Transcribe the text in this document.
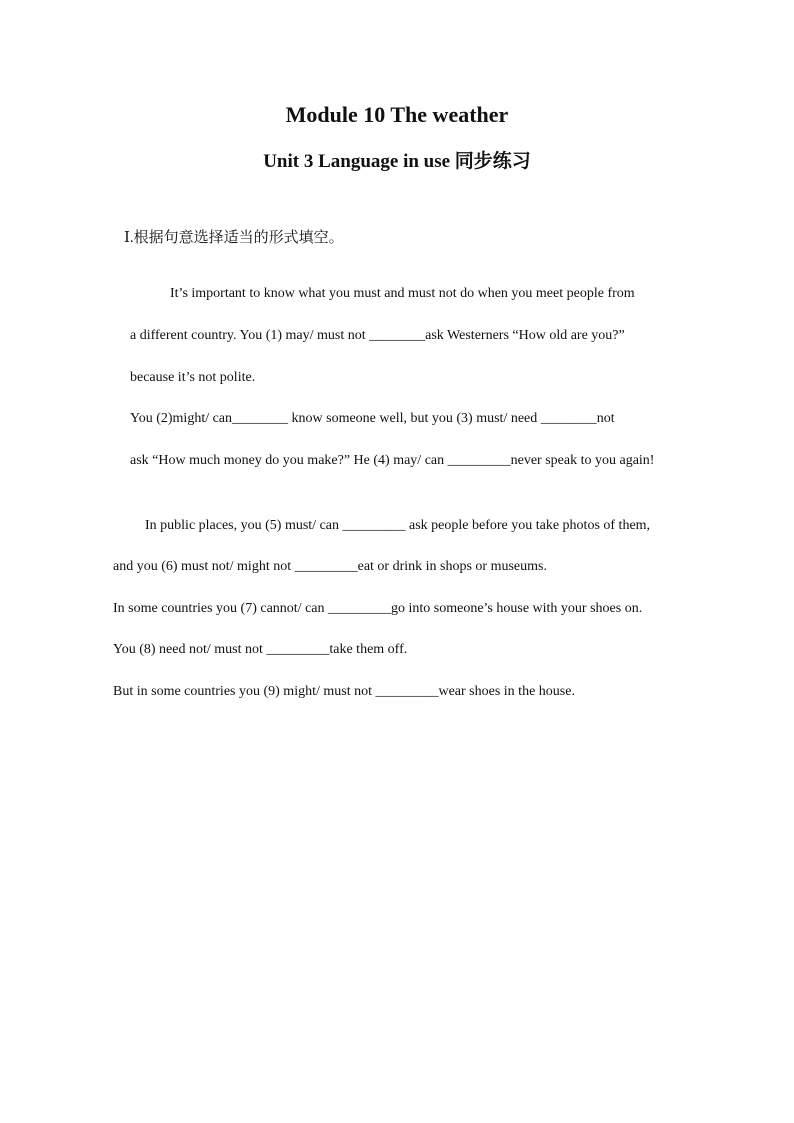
Module 10 The weather
Unit 3 Language in use 同步练习
Ⅰ.根据句意选择适当的形式填空。
It’s important to know what you must and must not do when you meet people from
a different country. You (1) may/ must not ________ask Westerners “How old are you?”
because it’s not polite.
You (2)might/ can________ know someone well, but you (3) must/ need ________not
ask “How much money do you make?” He (4) may/ can _________never speak to you again!
In public places, you (5) must/ can _________ ask people before you take photos of them,
and you (6) must not/ might not _________eat or drink in shops or museums.
In some countries you (7) cannot/ can _________go into someone’s house with your shoes on.
You (8) need not/ must not _________take them off.
But in some countries you (9) might/ must not _________wear shoes in the house.
